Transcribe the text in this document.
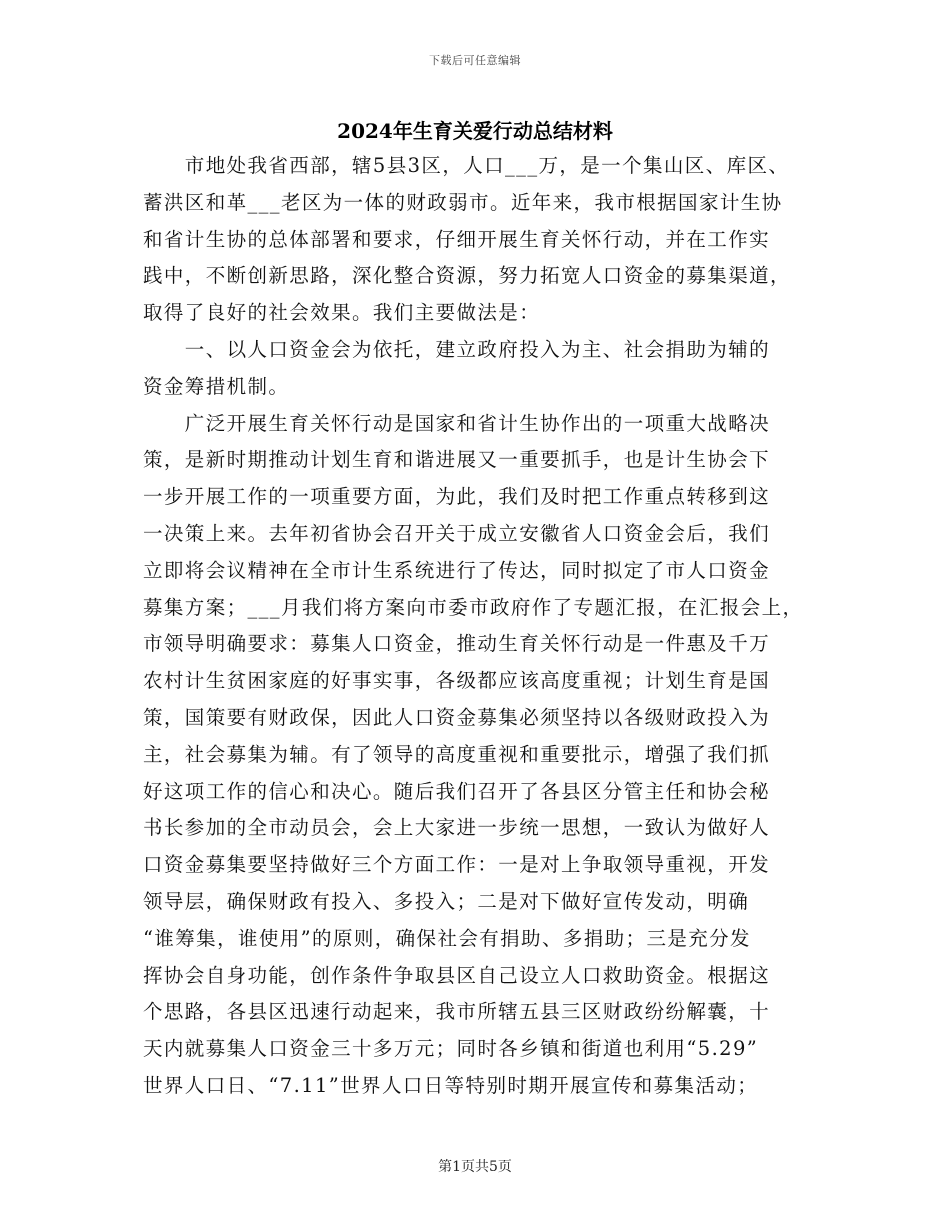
下载后可任意编辑
2024年生育关爱行动总结材料
　　市地处我省西部，辖5县3区，人口___万，是一个集山区、库区、
蓄洪区和革___老区为一体的财政弱市。近年来，我市根据国家计生协
和省计生协的总体部署和要求，仔细开展生育关怀行动，并在工作实
践中，不断创新思路，深化整合资源，努力拓宽人口资金的募集渠道，
取得了良好的社会效果。我们主要做法是：
　　一、以人口资金会为依托，建立政府投入为主、社会捐助为辅的
资金筹措机制。
　　广泛开展生育关怀行动是国家和省计生协作出的一项重大战略决
策，是新时期推动计划生育和谐进展又一重要抓手，也是计生协会下
一步开展工作的一项重要方面，为此，我们及时把工作重点转移到这
一决策上来。去年初省协会召开关于成立安徽省人口资金会后，我们
立即将会议精神在全市计生系统进行了传达，同时拟定了市人口资金
募集方案；___月我们将方案向市委市政府作了专题汇报，在汇报会上，
市领导明确要求：募集人口资金，推动生育关怀行动是一件惠及千万
农村计生贫困家庭的好事实事，各级都应该高度重视；计划生育是国
策，国策要有财政保，因此人口资金募集必须坚持以各级财政投入为
主，社会募集为辅。有了领导的高度重视和重要批示，增强了我们抓
好这项工作的信心和决心。随后我们召开了各县区分管主任和协会秘
书长参加的全市动员会，会上大家进一步统一思想，一致认为做好人
口资金募集要坚持做好三个方面工作：一是对上争取领导重视，开发
领导层，确保财政有投入、多投入；二是对下做好宣传发动，明确
“谁筹集，谁使用”的原则，确保社会有捐助、多捐助；三是充分发
挥协会自身功能，创作条件争取县区自己设立人口救助资金。根据这
个思路，各县区迅速行动起来，我市所辖五县三区财政纷纷解囊，十
天内就募集人口资金三十多万元；同时各乡镇和街道也利用“5.29”
世界人口日、“7.11”世界人口日等特别时期开展宣传和募集活动；
第1页共5页
